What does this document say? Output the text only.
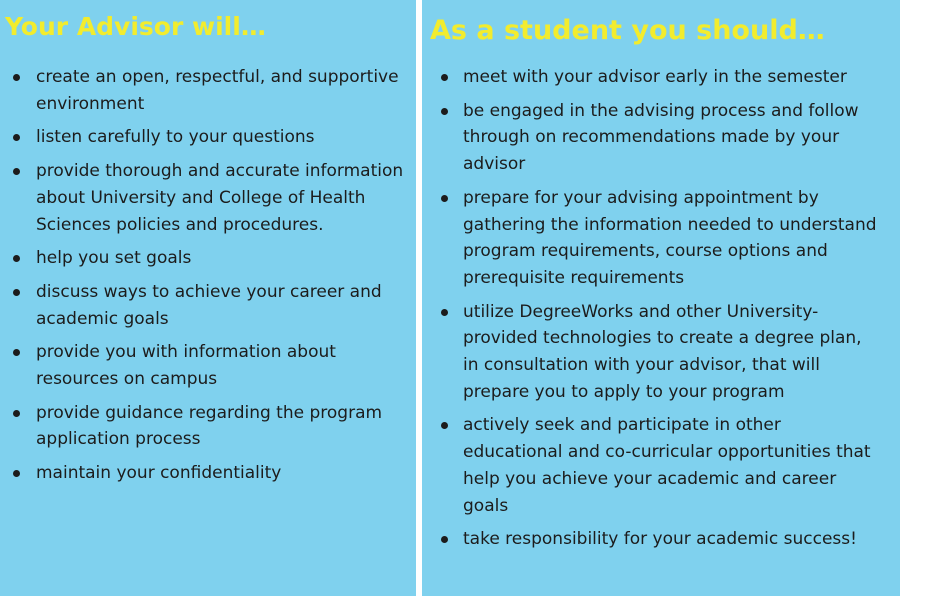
Your Advisor will…
create an open, respectful, and supportive environment
listen carefully to your questions
provide thorough and accurate information about University and College of Health Sciences policies and procedures.
help you set goals
discuss ways to achieve your career and academic goals
provide you with information about resources on campus
provide guidance regarding the program application process
maintain your confidentiality
As a student you should…
meet with your advisor early in the semester
be engaged in the advising process and follow through on recommendations made by your advisor
prepare for your advising appointment by gathering the information needed to understand program requirements, course options and prerequisite requirements
utilize DegreeWorks and other University-provided technologies to create a degree plan, in consultation with your advisor, that will prepare you to apply to your program
actively seek and participate in other educational and co-curricular opportunities that help you achieve your academic and career goals
take responsibility for your academic success!
